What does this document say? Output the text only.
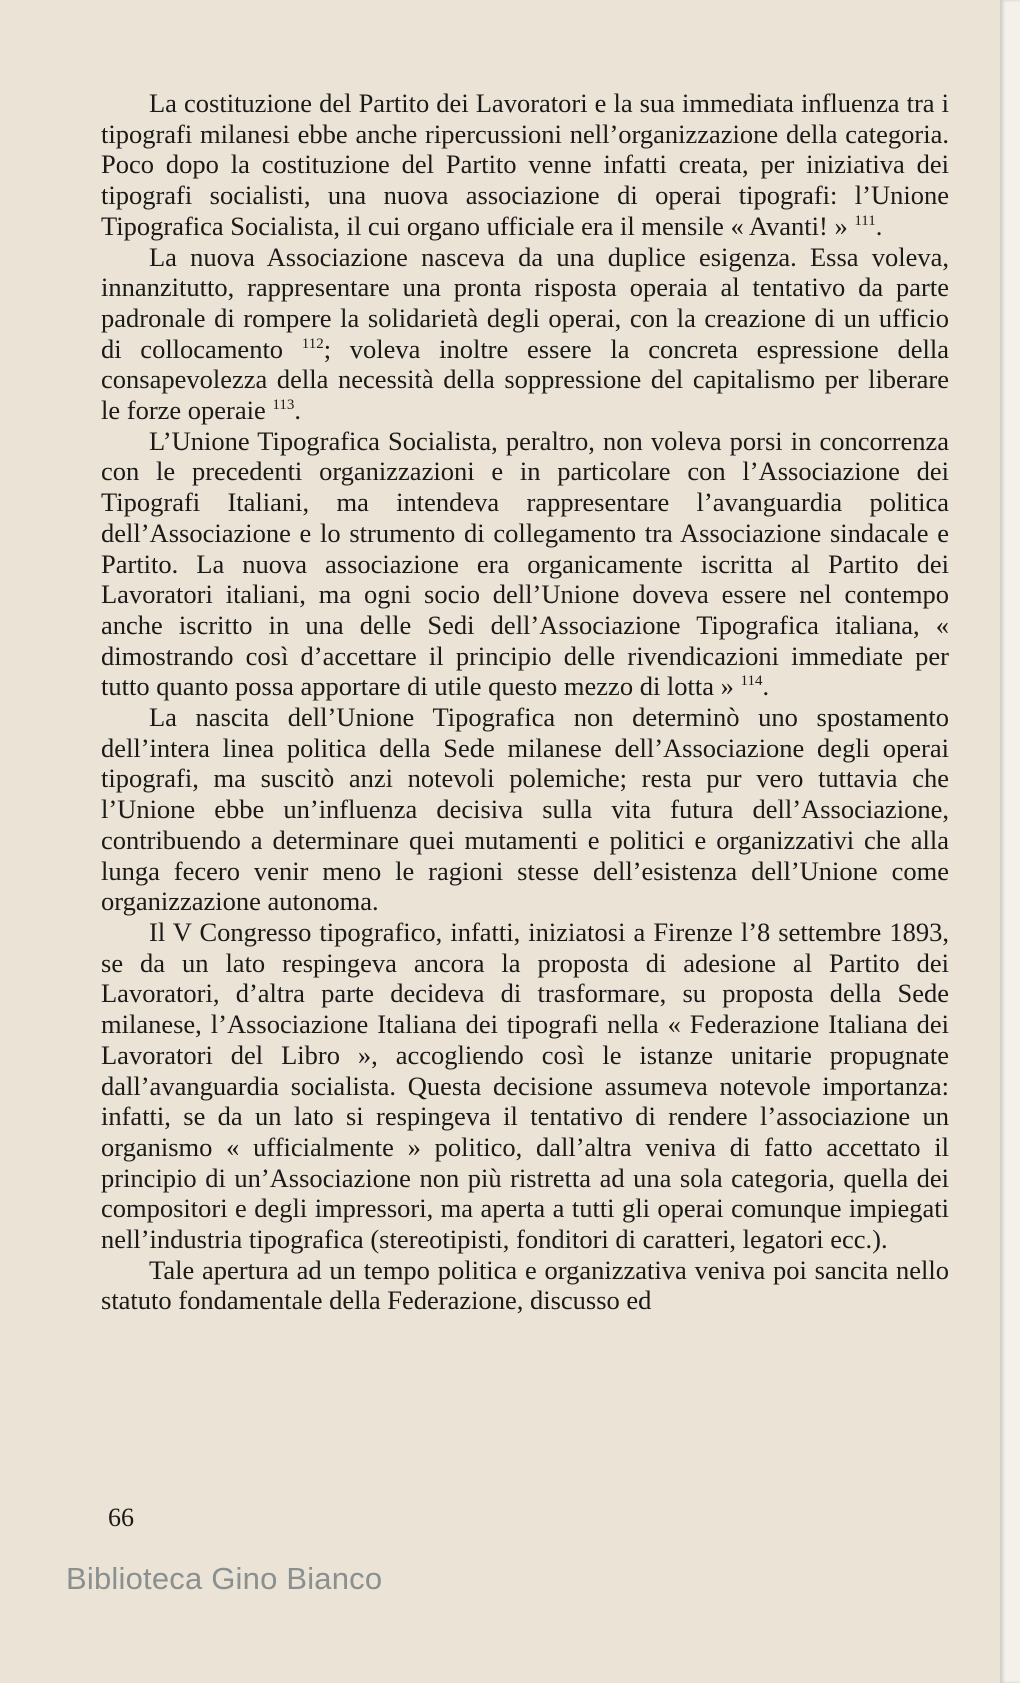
La costituzione del Partito dei Lavoratori e la sua immediata influenza tra i tipografi milanesi ebbe anche ripercussioni nell’organizzazione della categoria. Poco dopo la costituzione del Partito venne infatti creata, per iniziativa dei tipografi socialisti, una nuova associazione di operai tipografi: l’Unione Tipografica Socialista, il cui organo ufficiale era il mensile « Avanti! » $^{111}$.

La nuova Associazione nasceva da una duplice esigenza. Essa voleva, innanzitutto, rappresentare una pronta risposta operaia al tentativo da parte padronale di rompere la solidarietà degli operai, con la creazione di un ufficio di collocamento $^{112}$; voleva inoltre essere la concreta espressione della consapevolezza della necessità della soppressione del capitalismo per liberare le forze operaie $^{113}$.

L’Unione Tipografica Socialista, peraltro, non voleva porsi in concorrenza con le precedenti organizzazioni e in particolare con l’Associazione dei Tipografi Italiani, ma intendeva rappresentare l’avanguardia politica dell’Associazione e lo strumento di collegamento tra Associazione sindacale e Partito. La nuova associazione era organicamente iscritta al Partito dei Lavoratori italiani, ma ogni socio dell’Unione doveva essere nel contempo anche iscritto in una delle Sedi dell’Associazione Tipografica italiana, « dimostrando così d’accettare il principio delle rivendicazioni immediate per tutto quanto possa apportare di utile questo mezzo di lotta » $^{114}$.

La nascita dell’Unione Tipografica non determinò uno spostamento dell’intera linea politica della Sede milanese dell’Associazione degli operai tipografi, ma suscitò anzi notevoli polemiche; resta pur vero tuttavia che l’Unione ebbe un’influenza decisiva sulla vita futura dell’Associazione, contribuendo a determinare quei mutamenti e politici e organizzativi che alla lunga fecero venir meno le ragioni stesse dell’esistenza dell’Unione come organizzazione autonoma.

Il V Congresso tipografico, infatti, iniziatosi a Firenze l’8 settembre 1893, se da un lato respingeva ancora la proposta di adesione al Partito dei Lavoratori, d’altra parte decideva di trasformare, su proposta della Sede milanese, l’Associazione Italiana dei tipografi nella « Federazione Italiana dei Lavoratori del Libro », accogliendo così le istanze unitarie propugnate dall’avanguardia socialista. Questa decisione assumeva notevole importanza: infatti, se da un lato si respingeva il tentativo di rendere l’associazione un organismo « ufficialmente » politico, dall’altra veniva di fatto accettato il principio di un’Associazione non più ristretta ad una sola categoria, quella dei compositori e degli impressori, ma aperta a tutti gli operai comunque impiegati nell’industria tipografica (stereotipisti, fonditori di caratteri, legatori ecc.).

Tale apertura ad un tempo politica e organizzativa veniva poi sancita nello statuto fondamentale della Federazione, discusso ed

66
Biblioteca Gino Bianco
